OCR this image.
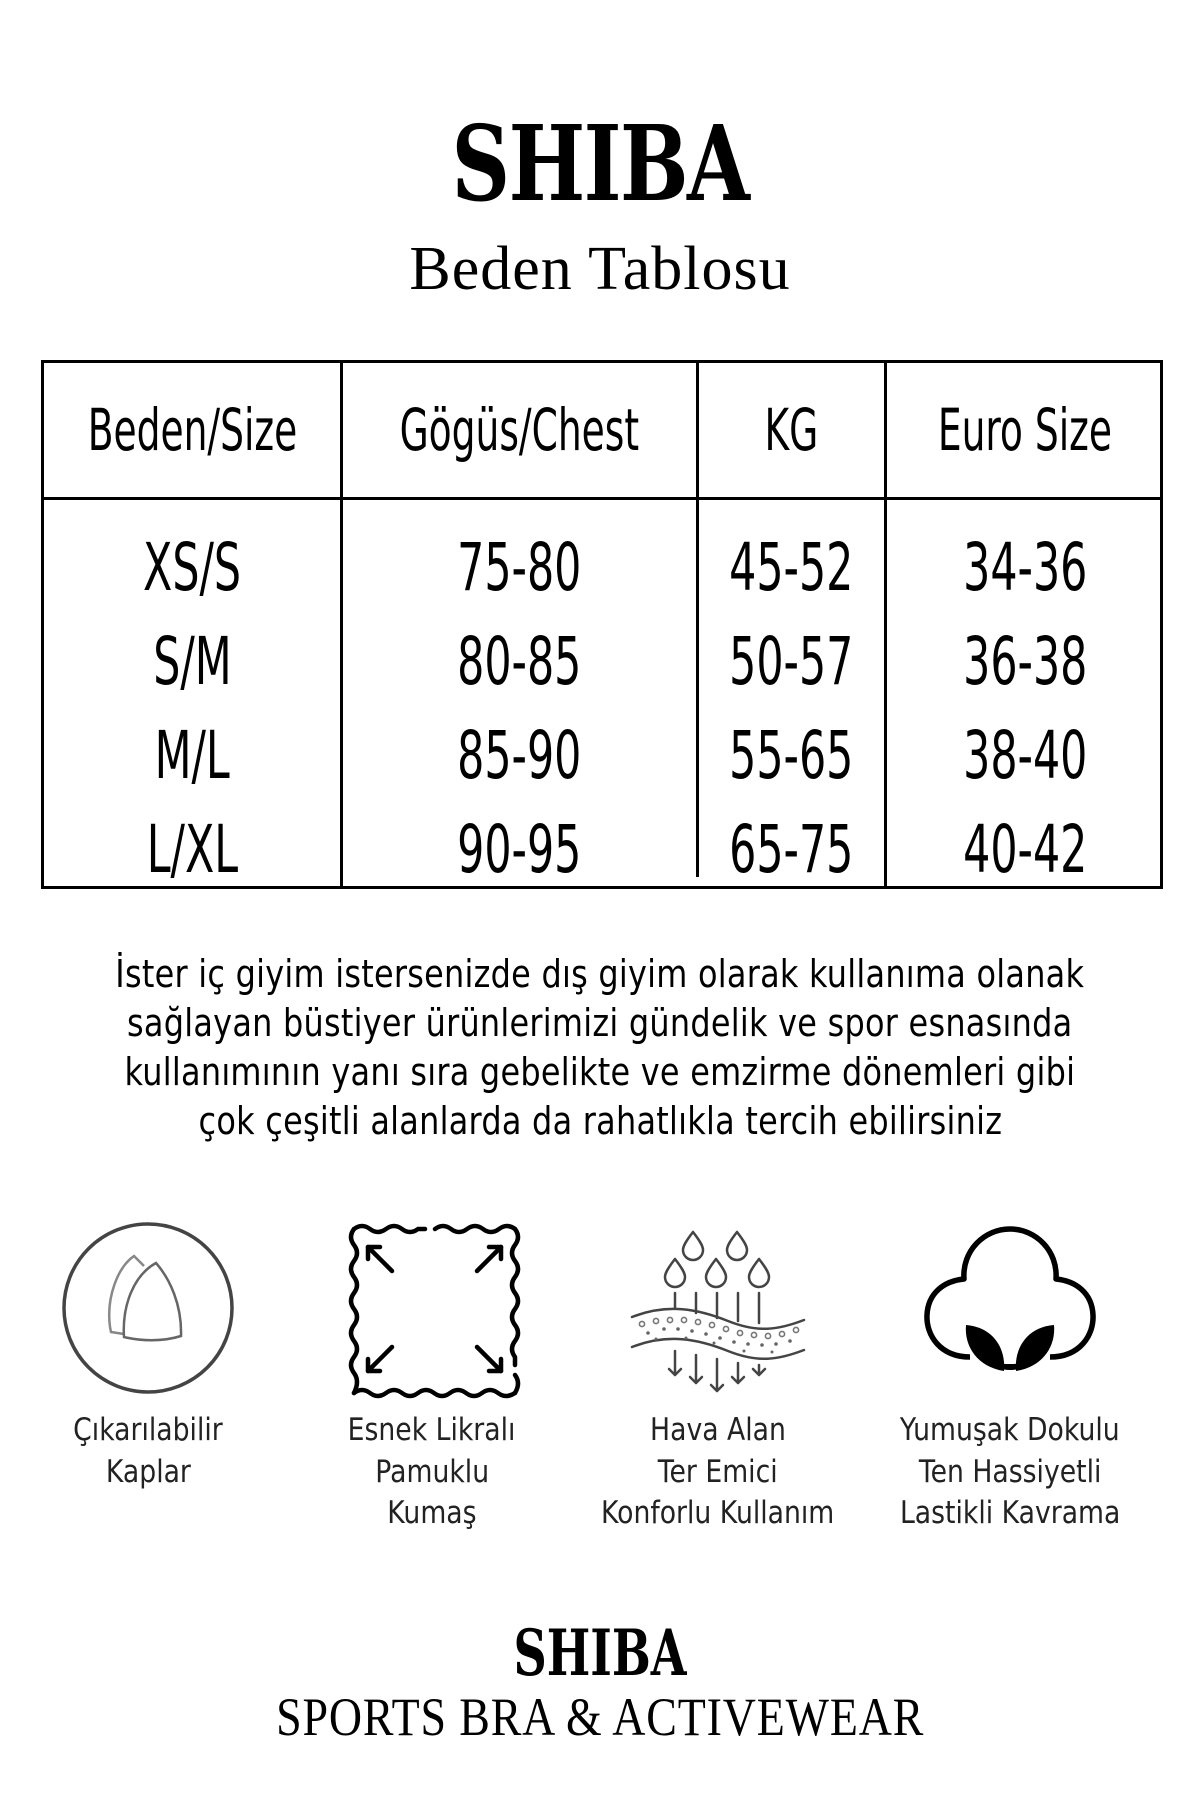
SHIBA
Beden Tablosu
Beden/Size Gögüs/Chest KG Euro Size
XS/S	75-80 45-52 34-36
S/M	80-85 50-57 36-38
M/L	85-90 55-65 38-40
L/XL	90-95 65-75 40-42
İster iç giyim istersenizde dış giyim olarak kullanıma olanak
sağlayan büstiyer ürünlerimizi gündelik ve spor esnasında
kullanımının yanı sıra gebelikte ve emzirme dönemleri gibi
çok çeşitli alanlarda da rahatlıkla tercih ebilirsiniz
Çıkarılabilir
Kaplar
Esnek Likralı
Pamuklu
Kumaş
Hava Alan
Ter Emici
Konforlu Kullanım
Yumuşak Dokulu
Ten Hassiyetli
Lastikli Kavrama
SHIBA
SPORTS BRA & ACTIVEWEAR
